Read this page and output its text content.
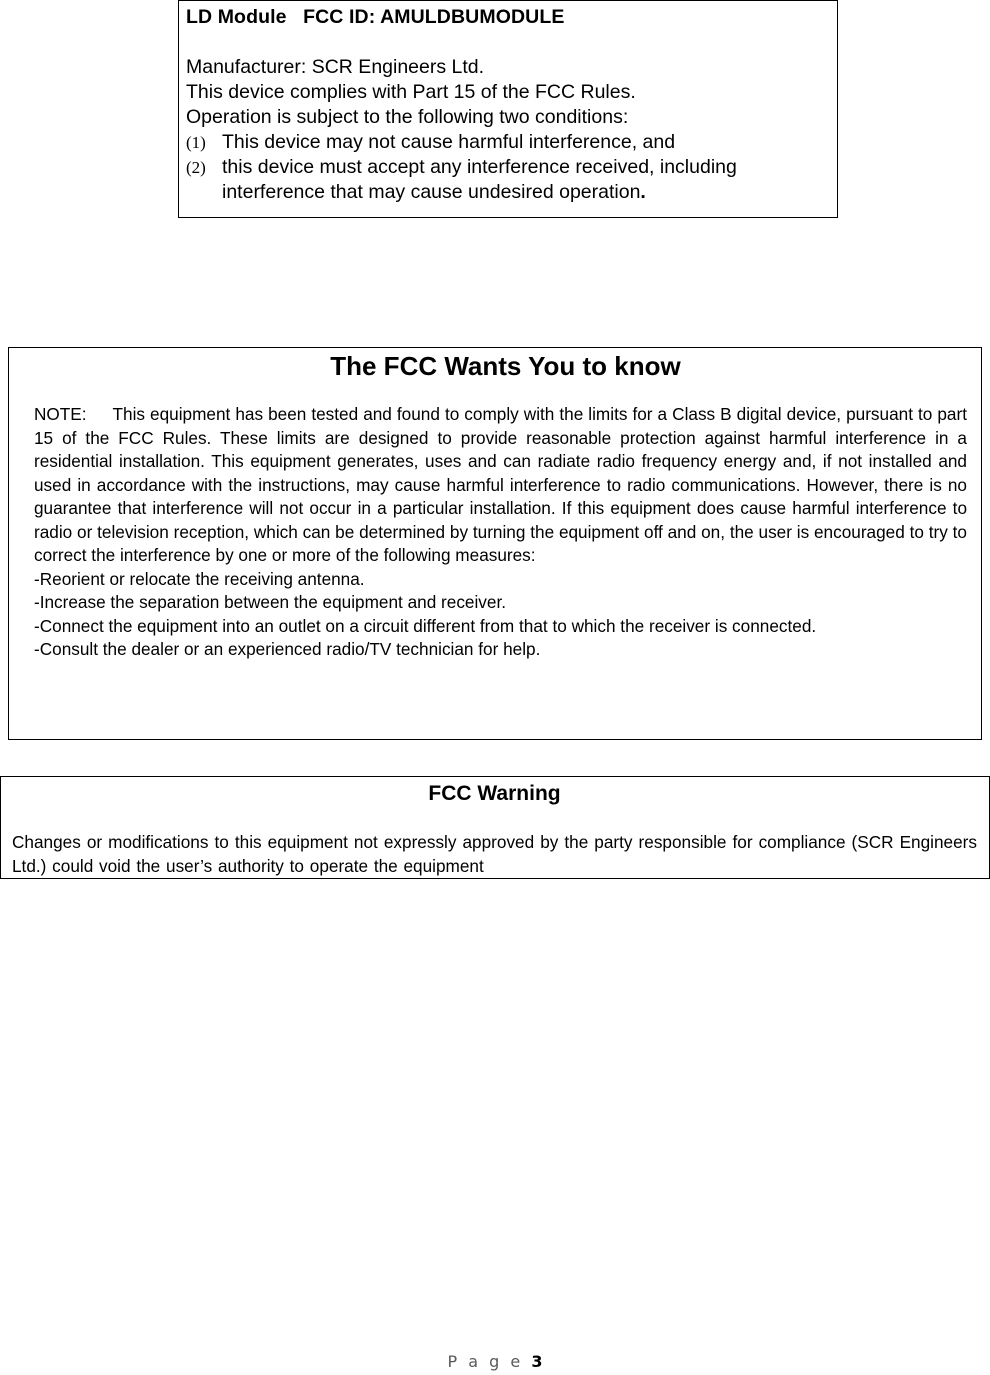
LD Module   FCC ID: AMULDBUMODULE
Manufacturer: SCR Engineers Ltd.
This device complies with Part 15 of the FCC Rules.
Operation is subject to the following two conditions:
(1) This device may not cause harmful interference, and
(2) this device must accept any interference received, including interference that may cause undesired operation.
The FCC Wants You to know
NOTE: This equipment has been tested and found to comply with the limits for a Class B digital device, pursuant to part 15 of the FCC Rules. These limits are designed to provide reasonable protection against harmful interference in a residential installation. This equipment generates, uses and can radiate radio frequency energy and, if not installed and used in accordance with the instructions, may cause harmful interference to radio communications. However, there is no guarantee that interference will not occur in a particular installation. If this equipment does cause harmful interference to radio or television reception, which can be determined by turning the equipment off and on, the user is encouraged to try to correct the interference by one or more of the following measures:
-Reorient or relocate the receiving antenna.
-Increase the separation between the equipment and receiver.
-Connect the equipment into an outlet on a circuit different from that to which the receiver is connected.
-Consult the dealer or an experienced radio/TV technician for help.
FCC Warning
Changes or modifications to this equipment not expressly approved by the party responsible for compliance (SCR Engineers Ltd.) could void the user’s authority to operate the equipment
P a g e 3
